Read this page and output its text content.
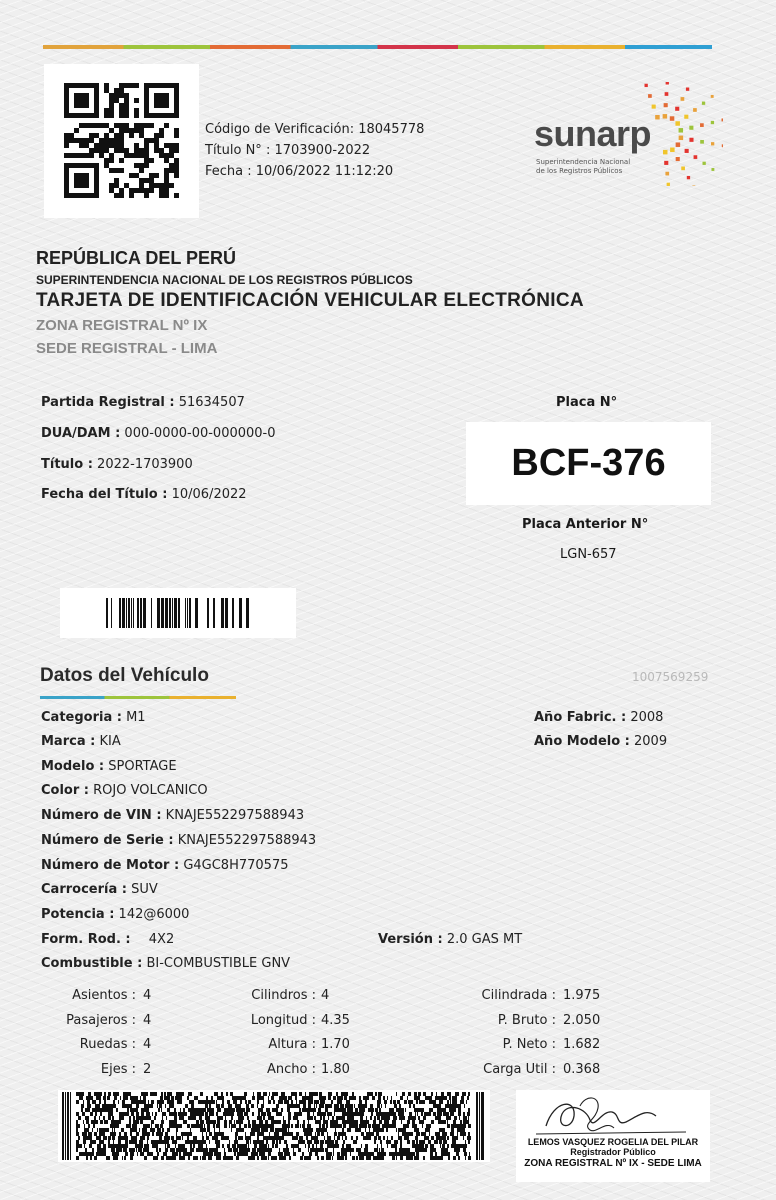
Código de Verificación: 18045778
Título N° : 1703900-2022
Fecha : 10/06/2022 11:12:20
sunarp
Superintendencia Nacional
de los Registros Públicos
REPÚBLICA DEL PERÚ
SUPERINTENDENCIA NACIONAL DE LOS REGISTROS PÚBLICOS
TARJETA DE IDENTIFICACIÓN VEHICULAR ELECTRÓNICA
ZONA REGISTRAL Nº IX
SEDE REGISTRAL - LIMA
Partida Registral : 51634507
DUA/DAM : 000-0000-00-000000-0
Título : 2022-1703900
Fecha del Título : 10/06/2022
Placa N°
BCF-376
Placa Anterior N°
LGN-657
Datos del Vehículo	1007569259
Categoria : M1
Marca : KIA
Modelo : SPORTAGE
Color : ROJO VOLCANICO
Número de VIN : KNAJE552297588943
Número de Serie : KNAJE552297588943
Número de Motor : G4GC8H770575
Carrocería : SUV
Potencia : 142@6000
Form. Rod. : 4X2	Versión : 2.0 GAS MT
Combustible : BI-COMBUSTIBLE GNV
Año Fabric. : 2008
Año Modelo : 2009
Asientos : 4
Pasajeros : 4
Ruedas : 4
Ejes : 2
Cilindros : 4
Longitud : 4.35
Altura : 1.70
Ancho : 1.80
Cilindrada : 1.975
P. Bruto : 2.050
P. Neto : 1.682
Carga Util : 0.368
LEMOS VASQUEZ ROGELIA DEL PILAR
Registrador Público
ZONA REGISTRAL Nº IX - SEDE LIMA
